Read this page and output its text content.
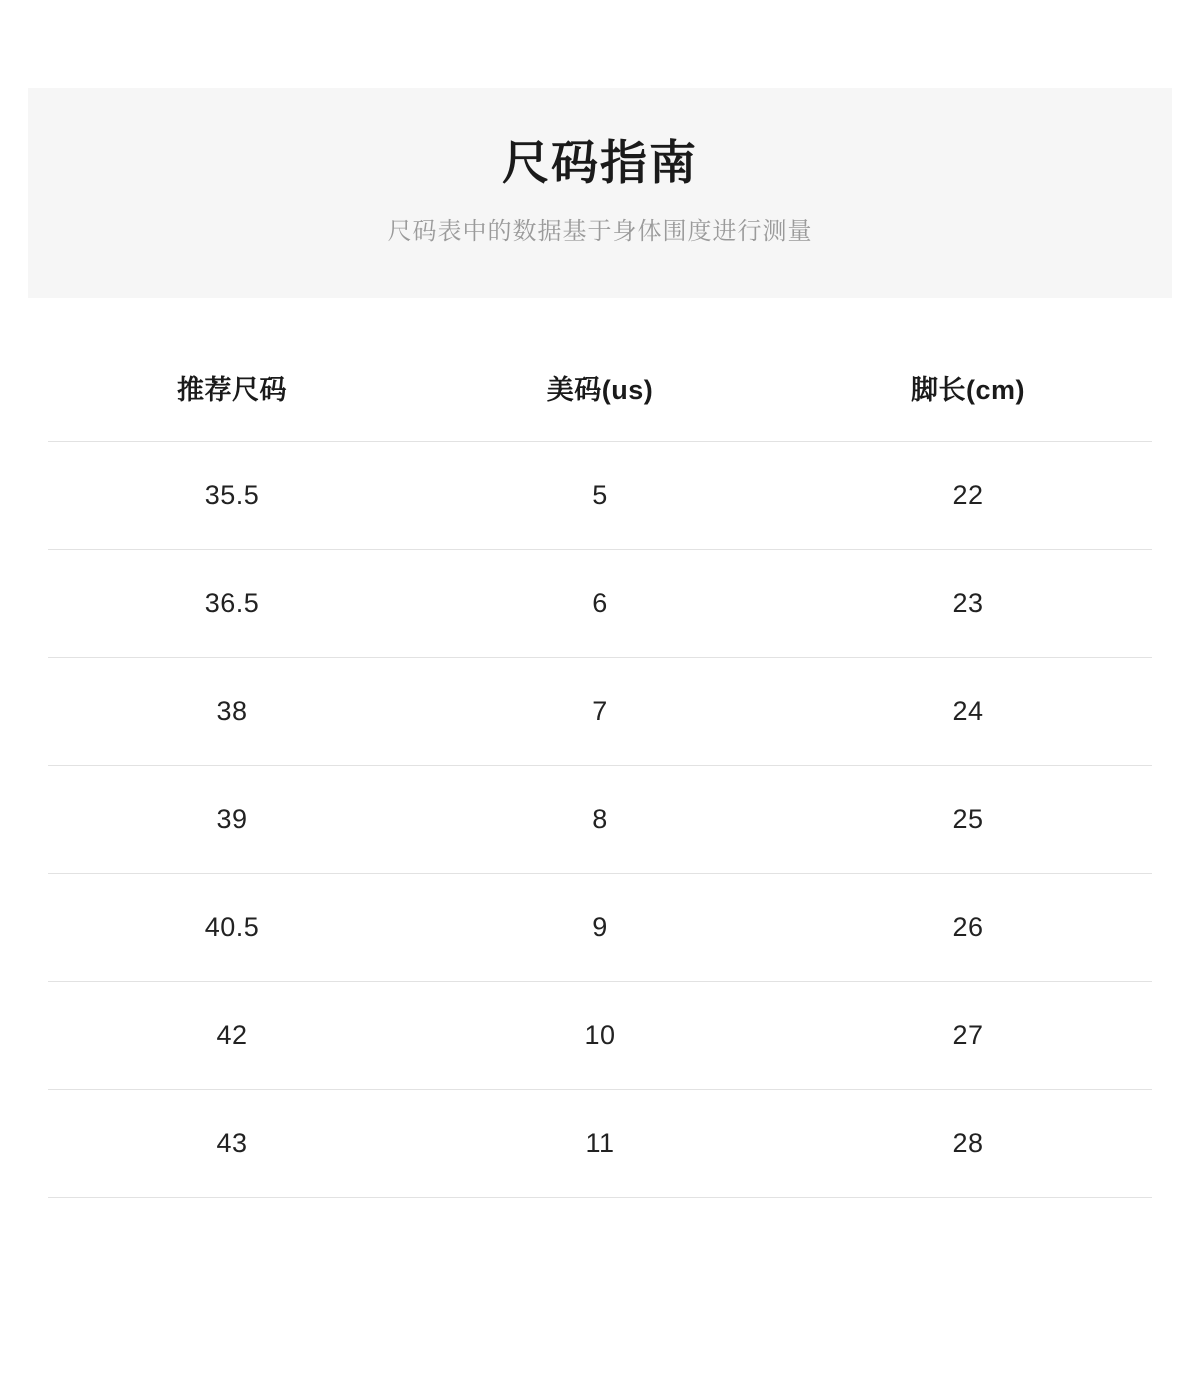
尺码指南

尺码表中的数据基于身体围度进行测量

推荐尺码	美码(us)	脚长(cm)
35.5	5	22
36.5	6	23
38	7	24
39	8	25
40.5	9	26
42	10	27
43	11	28
